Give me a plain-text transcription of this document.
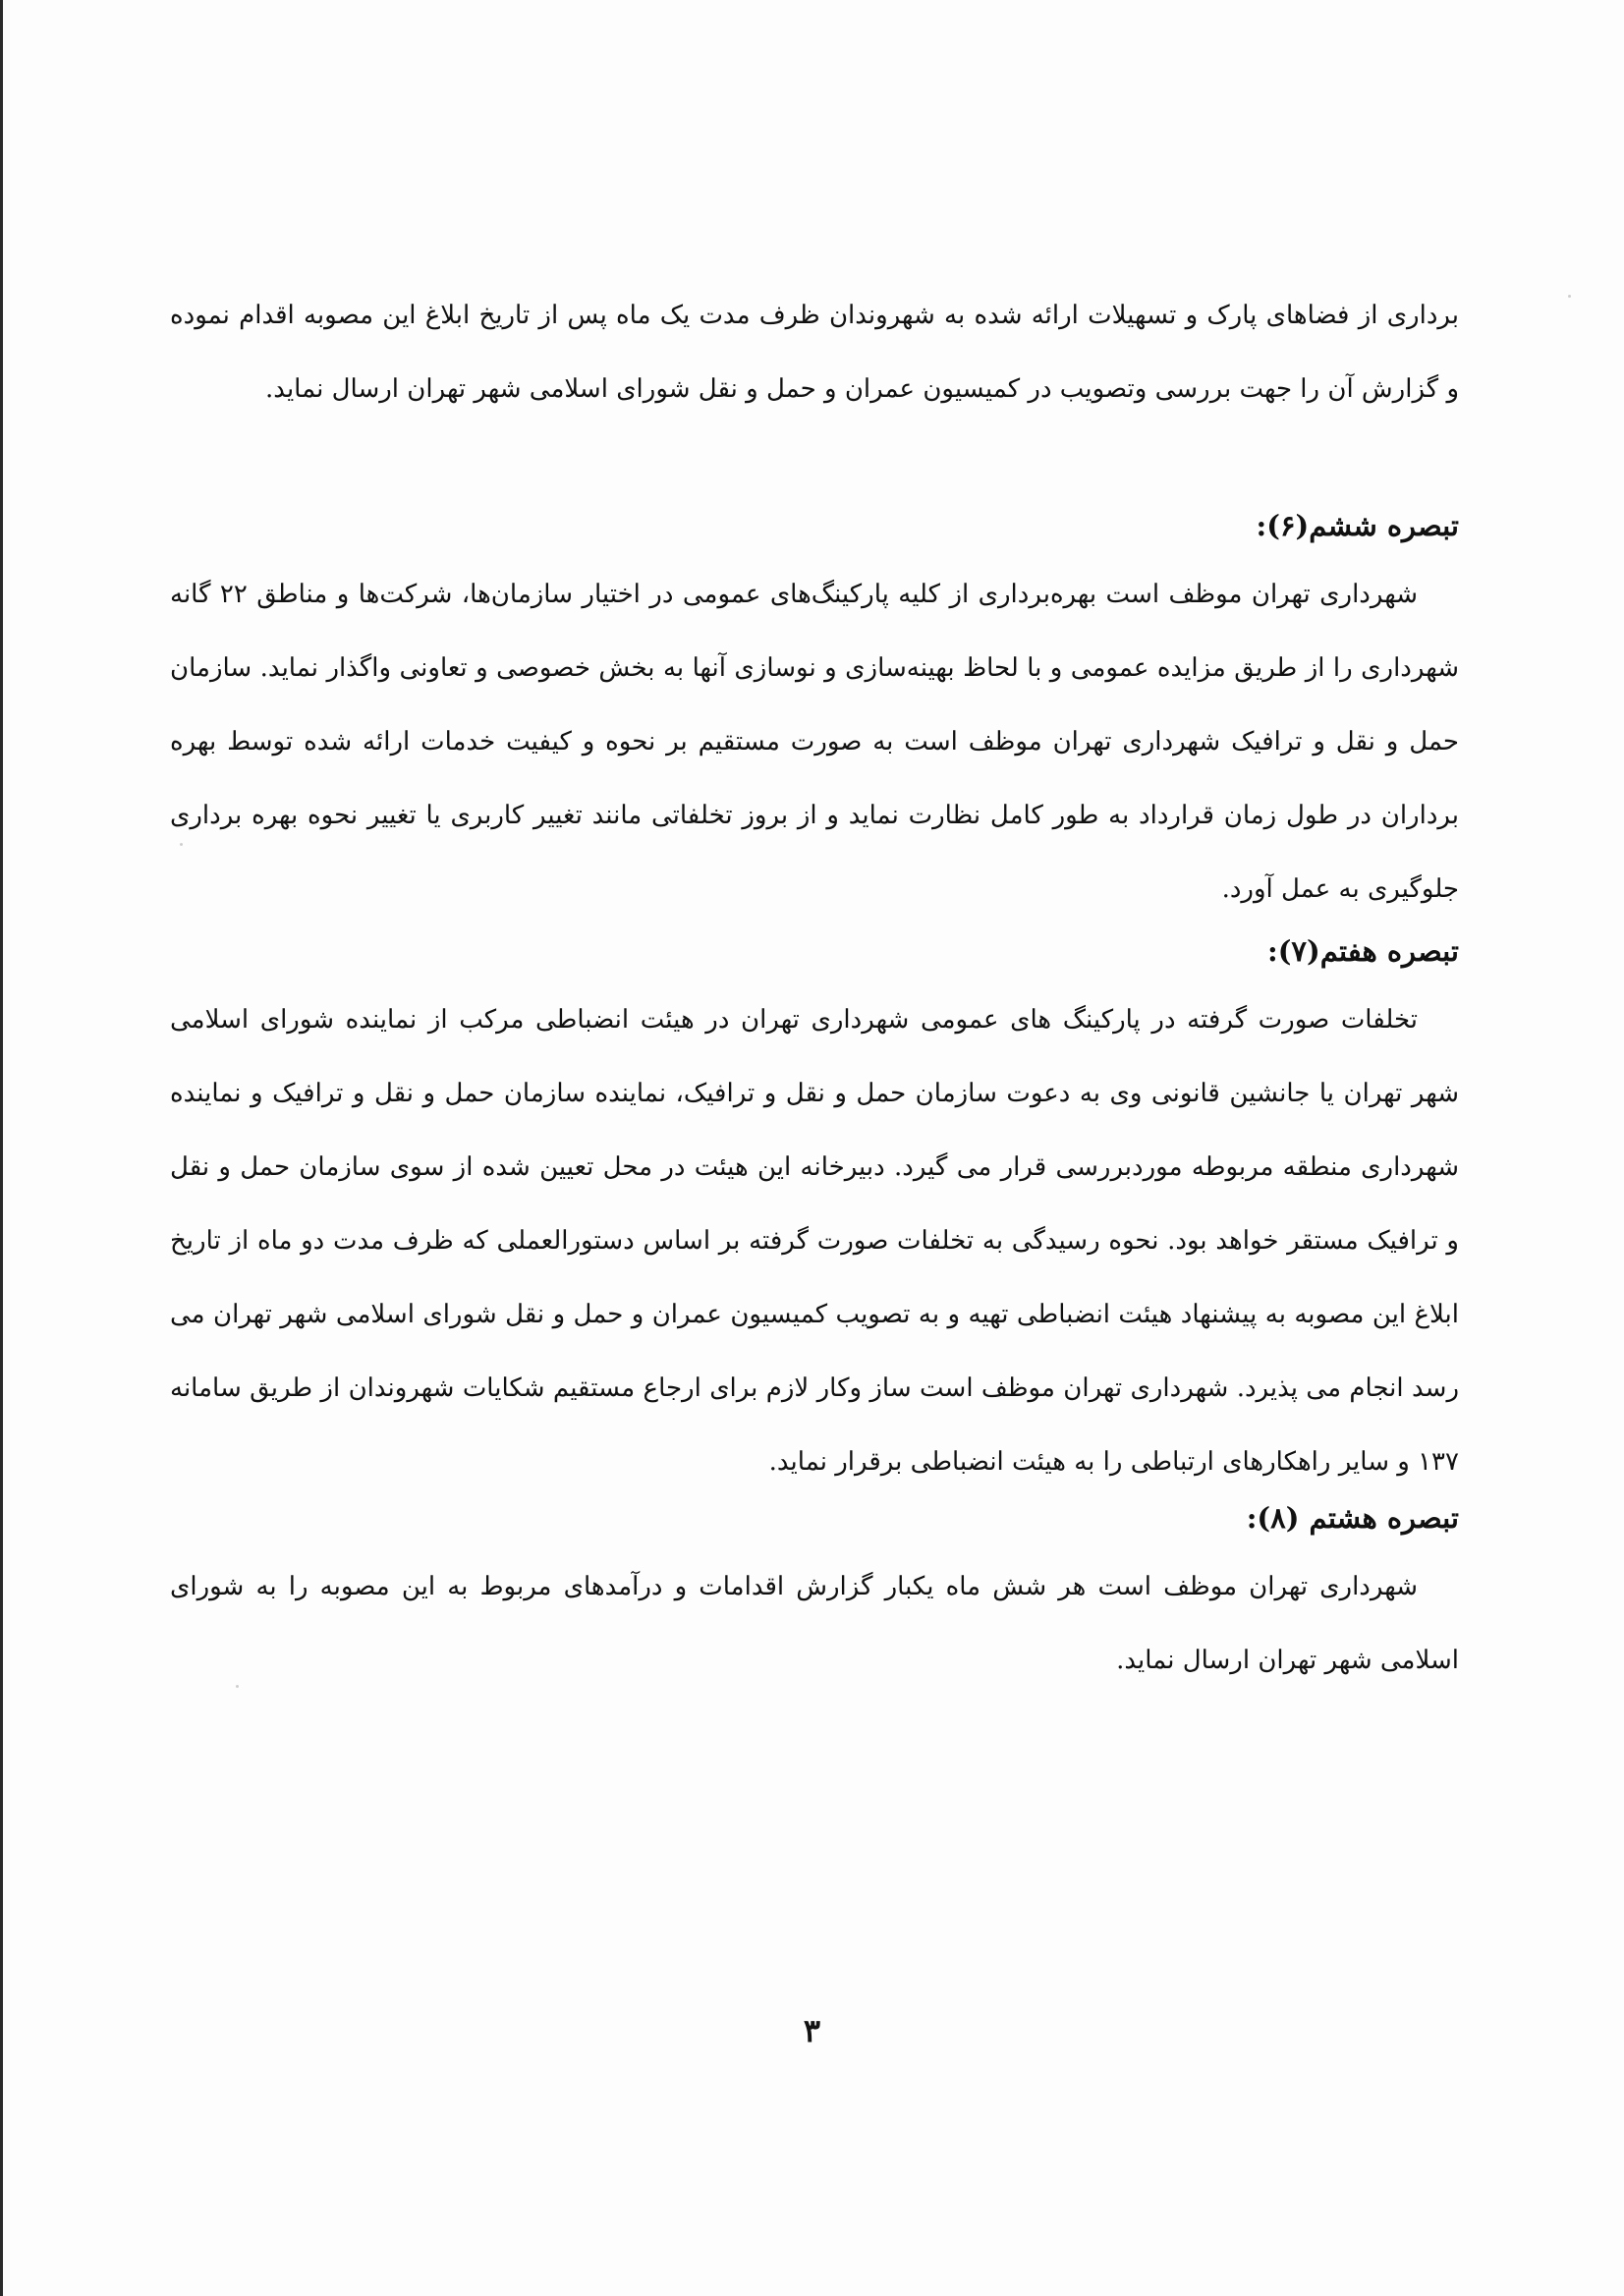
برداری از فضاهای پارک و تسهیلات ارائه شده به شهروندان ظرف مدت یک ماه پس از تاریخ ابلاغ این مصوبه اقدام نموده و گزارش آن را جهت بررسی وتصویب در کمیسیون عمران و حمل و نقل شورای اسلامی شهر تهران ارسال نماید.

تبصره ششم(۶):

شهرداری تهران موظف است بهره‌برداری از کلیه پارکینگ‌های عمومی در اختیار سازمان‌ها، شرکت‌ها و مناطق ۲۲ گانه شهرداری را از طریق مزایده عمومی و با لحاظ بهینه‌سازی و نوسازی آنها به بخش خصوصی و تعاونی واگذار نماید. سازمان حمل و نقل و ترافیک شهرداری تهران موظف است به صورت مستقیم بر نحوه و کیفیت خدمات ارائه شده توسط بهره برداران در طول زمان قرارداد به طور کامل نظارت نماید و از بروز تخلفاتی مانند تغییر کاربری یا تغییر نحوه بهره برداری جلوگیری به عمل آورد.

تبصره هفتم(۷):

تخلفات صورت گرفته در پارکینگ های عمومی شهرداری تهران در هیئت انضباطی مرکب از نماینده شورای اسلامی شهر تهران یا جانشین قانونی وی به دعوت سازمان حمل و نقل و ترافیک، نماینده سازمان حمل و نقل و ترافیک و نماینده شهرداری منطقه مربوطه موردبررسی قرار می گیرد. دبیرخانه این هیئت در محل تعیین شده از سوی سازمان حمل و نقل و ترافیک مستقر خواهد بود. نحوه رسیدگی به تخلفات صورت گرفته بر اساس دستورالعملی که ظرف مدت دو ماه از تاریخ ابلاغ این مصوبه به پیشنهاد هیئت انضباطی تهیه و به تصویب کمیسیون عمران و حمل و نقل شورای اسلامی شهر تهران می رسد انجام می پذیرد. شهرداری تهران موظف است ساز وکار لازم برای ارجاع مستقیم شکایات شهروندان از طریق سامانه ۱۳۷ و سایر راهکارهای ارتباطی را به هیئت انضباطی برقرار نماید.

تبصره هشتم (۸):

شهرداری تهران موظف است هر شش ماه یکبار گزارش اقدامات و درآمدهای مربوط به این مصوبه را به شورای اسلامی شهر تهران ارسال نماید.

۳
